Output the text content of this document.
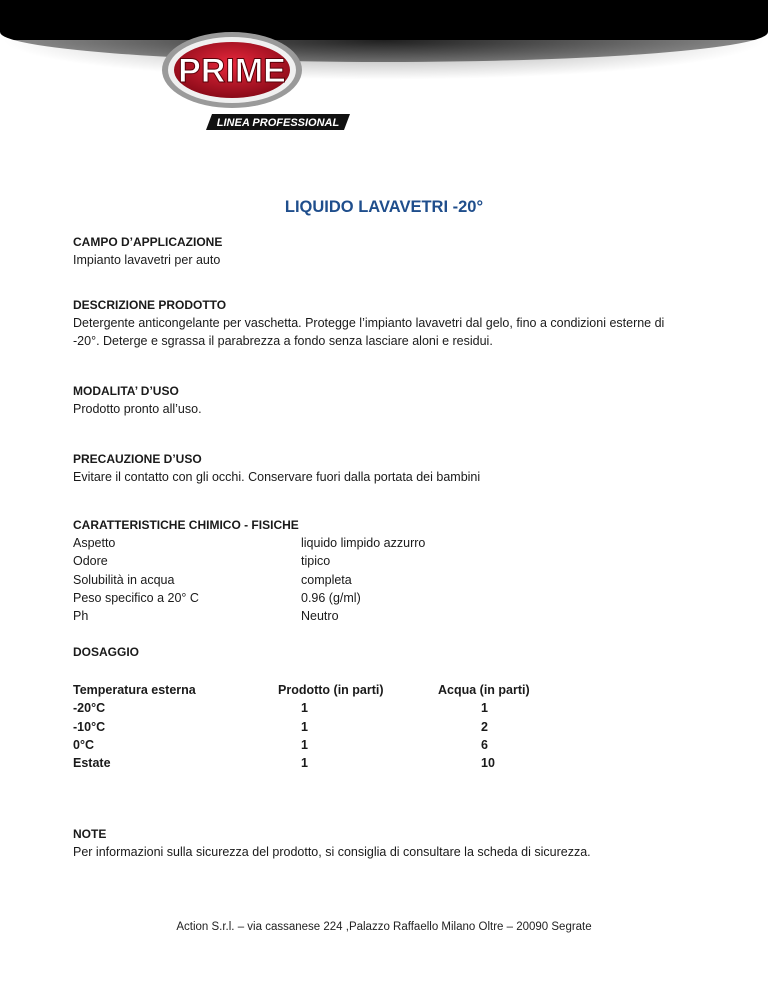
PRIME
LINEA PROFESSIONAL
LIQUIDO LAVAVETRI -20°

CAMPO D’APPLICAZIONE

Impianto lavavetri per auto

DESCRIZIONE PRODOTTO

Detergente anticongelante per vaschetta. Protegge l’impianto lavavetri dal gelo, fino a condizioni esterne di

-20°. Deterge e sgrassa il parabrezza a fondo senza lasciare aloni e residui.

MODALITA’ D’USO

Prodotto pronto all’uso.

PRECAUZIONE D’USO

Evitare il contatto con gli occhi. Conservare fuori dalla portata dei bambini

CARATTERISTICHE CHIMICO - FISICHE

Aspetto	liquido limpido azzurro
Odore	tipico
Solubilità in acqua	completa
Peso specifico a 20° C	0.96 (g/ml)
Ph	Neutro

DOSAGGIO

Temperatura esterna	Prodotto (in parti)	Acqua (in parti)
-20°C	1	1
-10°C	1	2
0°C	1	6
Estate	1	10

NOTE

Per informazioni sulla sicurezza del prodotto, si consiglia di consultare la scheda di sicurezza.

Action S.r.l. – via cassanese 224 ,Palazzo Raffaello Milano Oltre – 20090 Segrate
